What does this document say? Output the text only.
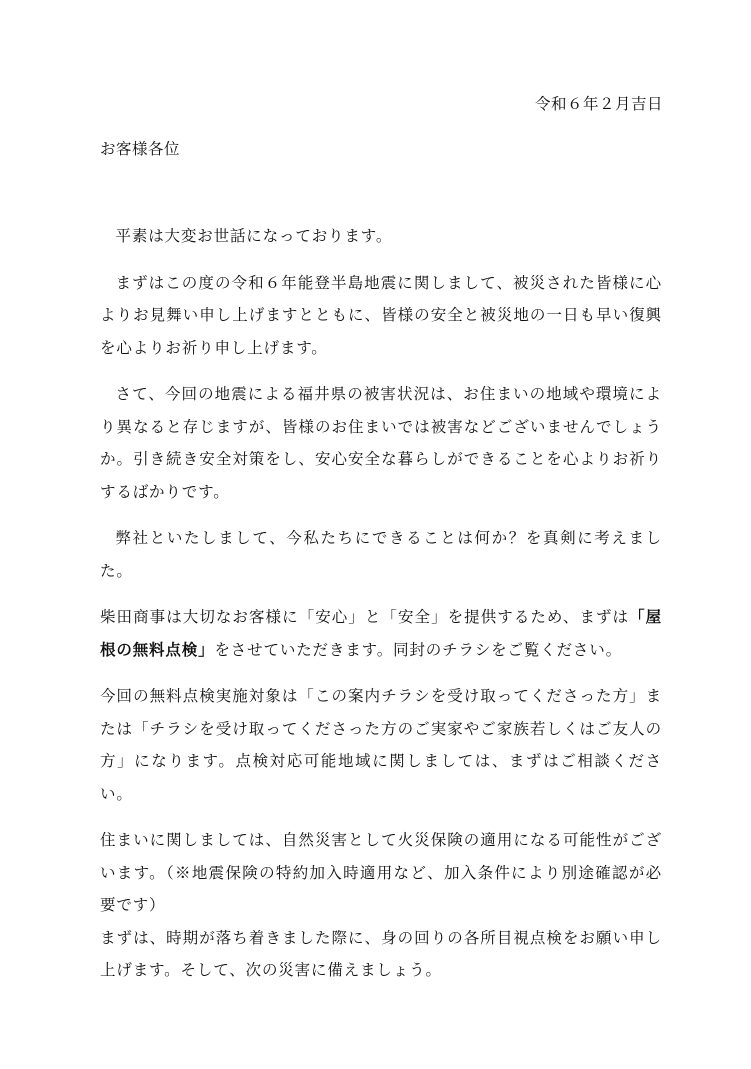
令和６年２月吉日
お客様各位

平素は大変お世話になっております。

まずはこの度の令和６年能登半島地震に関しまして、被災された皆様に心よりお見舞い申し上げますとともに、皆様の安全と被災地の一日も早い復興を心よりお祈り申し上げます。

さて、今回の地震による福井県の被害状況は、お住まいの地域や環境により異なると存じますが、皆様のお住まいでは被害などございませんでしょうか。引き続き安全対策をし、安心安全な暮らしができることを心よりお祈りするばかりです。

弊社といたしまして、今私たちにできることは何か？を真剣に考えました。

柴田商事は大切なお客様に「安心」と「安全」を提供するため、まずは「屋根の無料点検」をさせていただきます。同封のチラシをご覧ください。

今回の無料点検実施対象は「この案内チラシを受け取ってくださった方」または「チラシを受け取ってくださった方のご実家やご家族若しくはご友人の方」になります。点検対応可能地域に関しましては、まずはご相談ください。

住まいに関しましては、自然災害として火災保険の適用になる可能性がございます。（※地震保険の特約加入時適用など、加入条件により別途確認が必要です）
まずは、時期が落ち着きました際に、身の回りの各所目視点検をお願い申し上げます。そして、次の災害に備えましょう。
